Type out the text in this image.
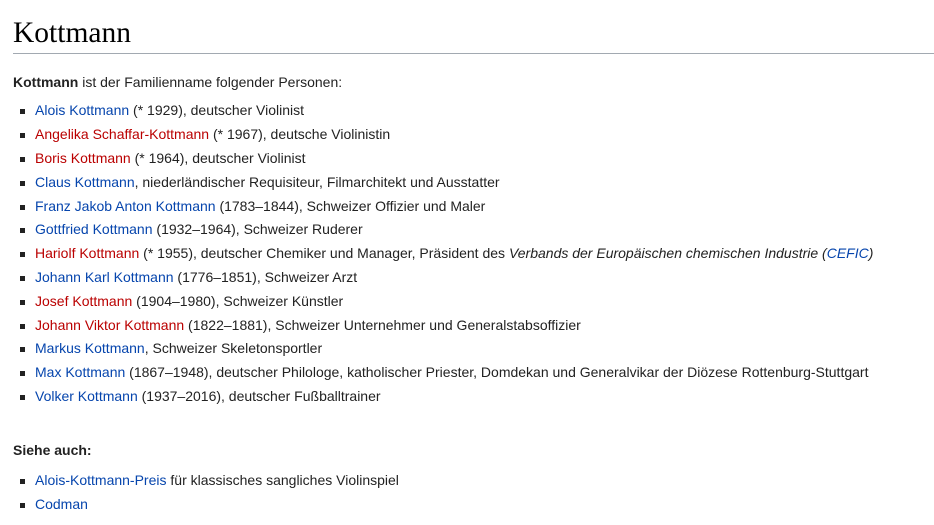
Kottmann

Kottmann ist der Familienname folgender Personen:

Alois Kottmann (* 1929), deutscher Violinist
Angelika Schaffar-Kottmann (* 1967), deutsche Violinistin
Boris Kottmann (* 1964), deutscher Violinist
Claus Kottmann, niederländischer Requisiteur, Filmarchitekt und Ausstatter
Franz Jakob Anton Kottmann (1783–1844), Schweizer Offizier und Maler
Gottfried Kottmann (1932–1964), Schweizer Ruderer
Hariolf Kottmann (* 1955), deutscher Chemiker und Manager, Präsident des Verbands der Europäischen chemischen Industrie (CEFIC)
Johann Karl Kottmann (1776–1851), Schweizer Arzt
Josef Kottmann (1904–1980), Schweizer Künstler
Johann Viktor Kottmann (1822–1881), Schweizer Unternehmer und Generalstabsoffizier
Markus Kottmann, Schweizer Skeletonsportler
Max Kottmann (1867–1948), deutscher Philologe, katholischer Priester, Domdekan und Generalvikar der Diözese Rottenburg-Stuttgart
Volker Kottmann (1937–2016), deutscher Fußballtrainer
Siehe auch:
Alois-Kottmann-Preis für klassisches sangliches Violinspiel
Codman
